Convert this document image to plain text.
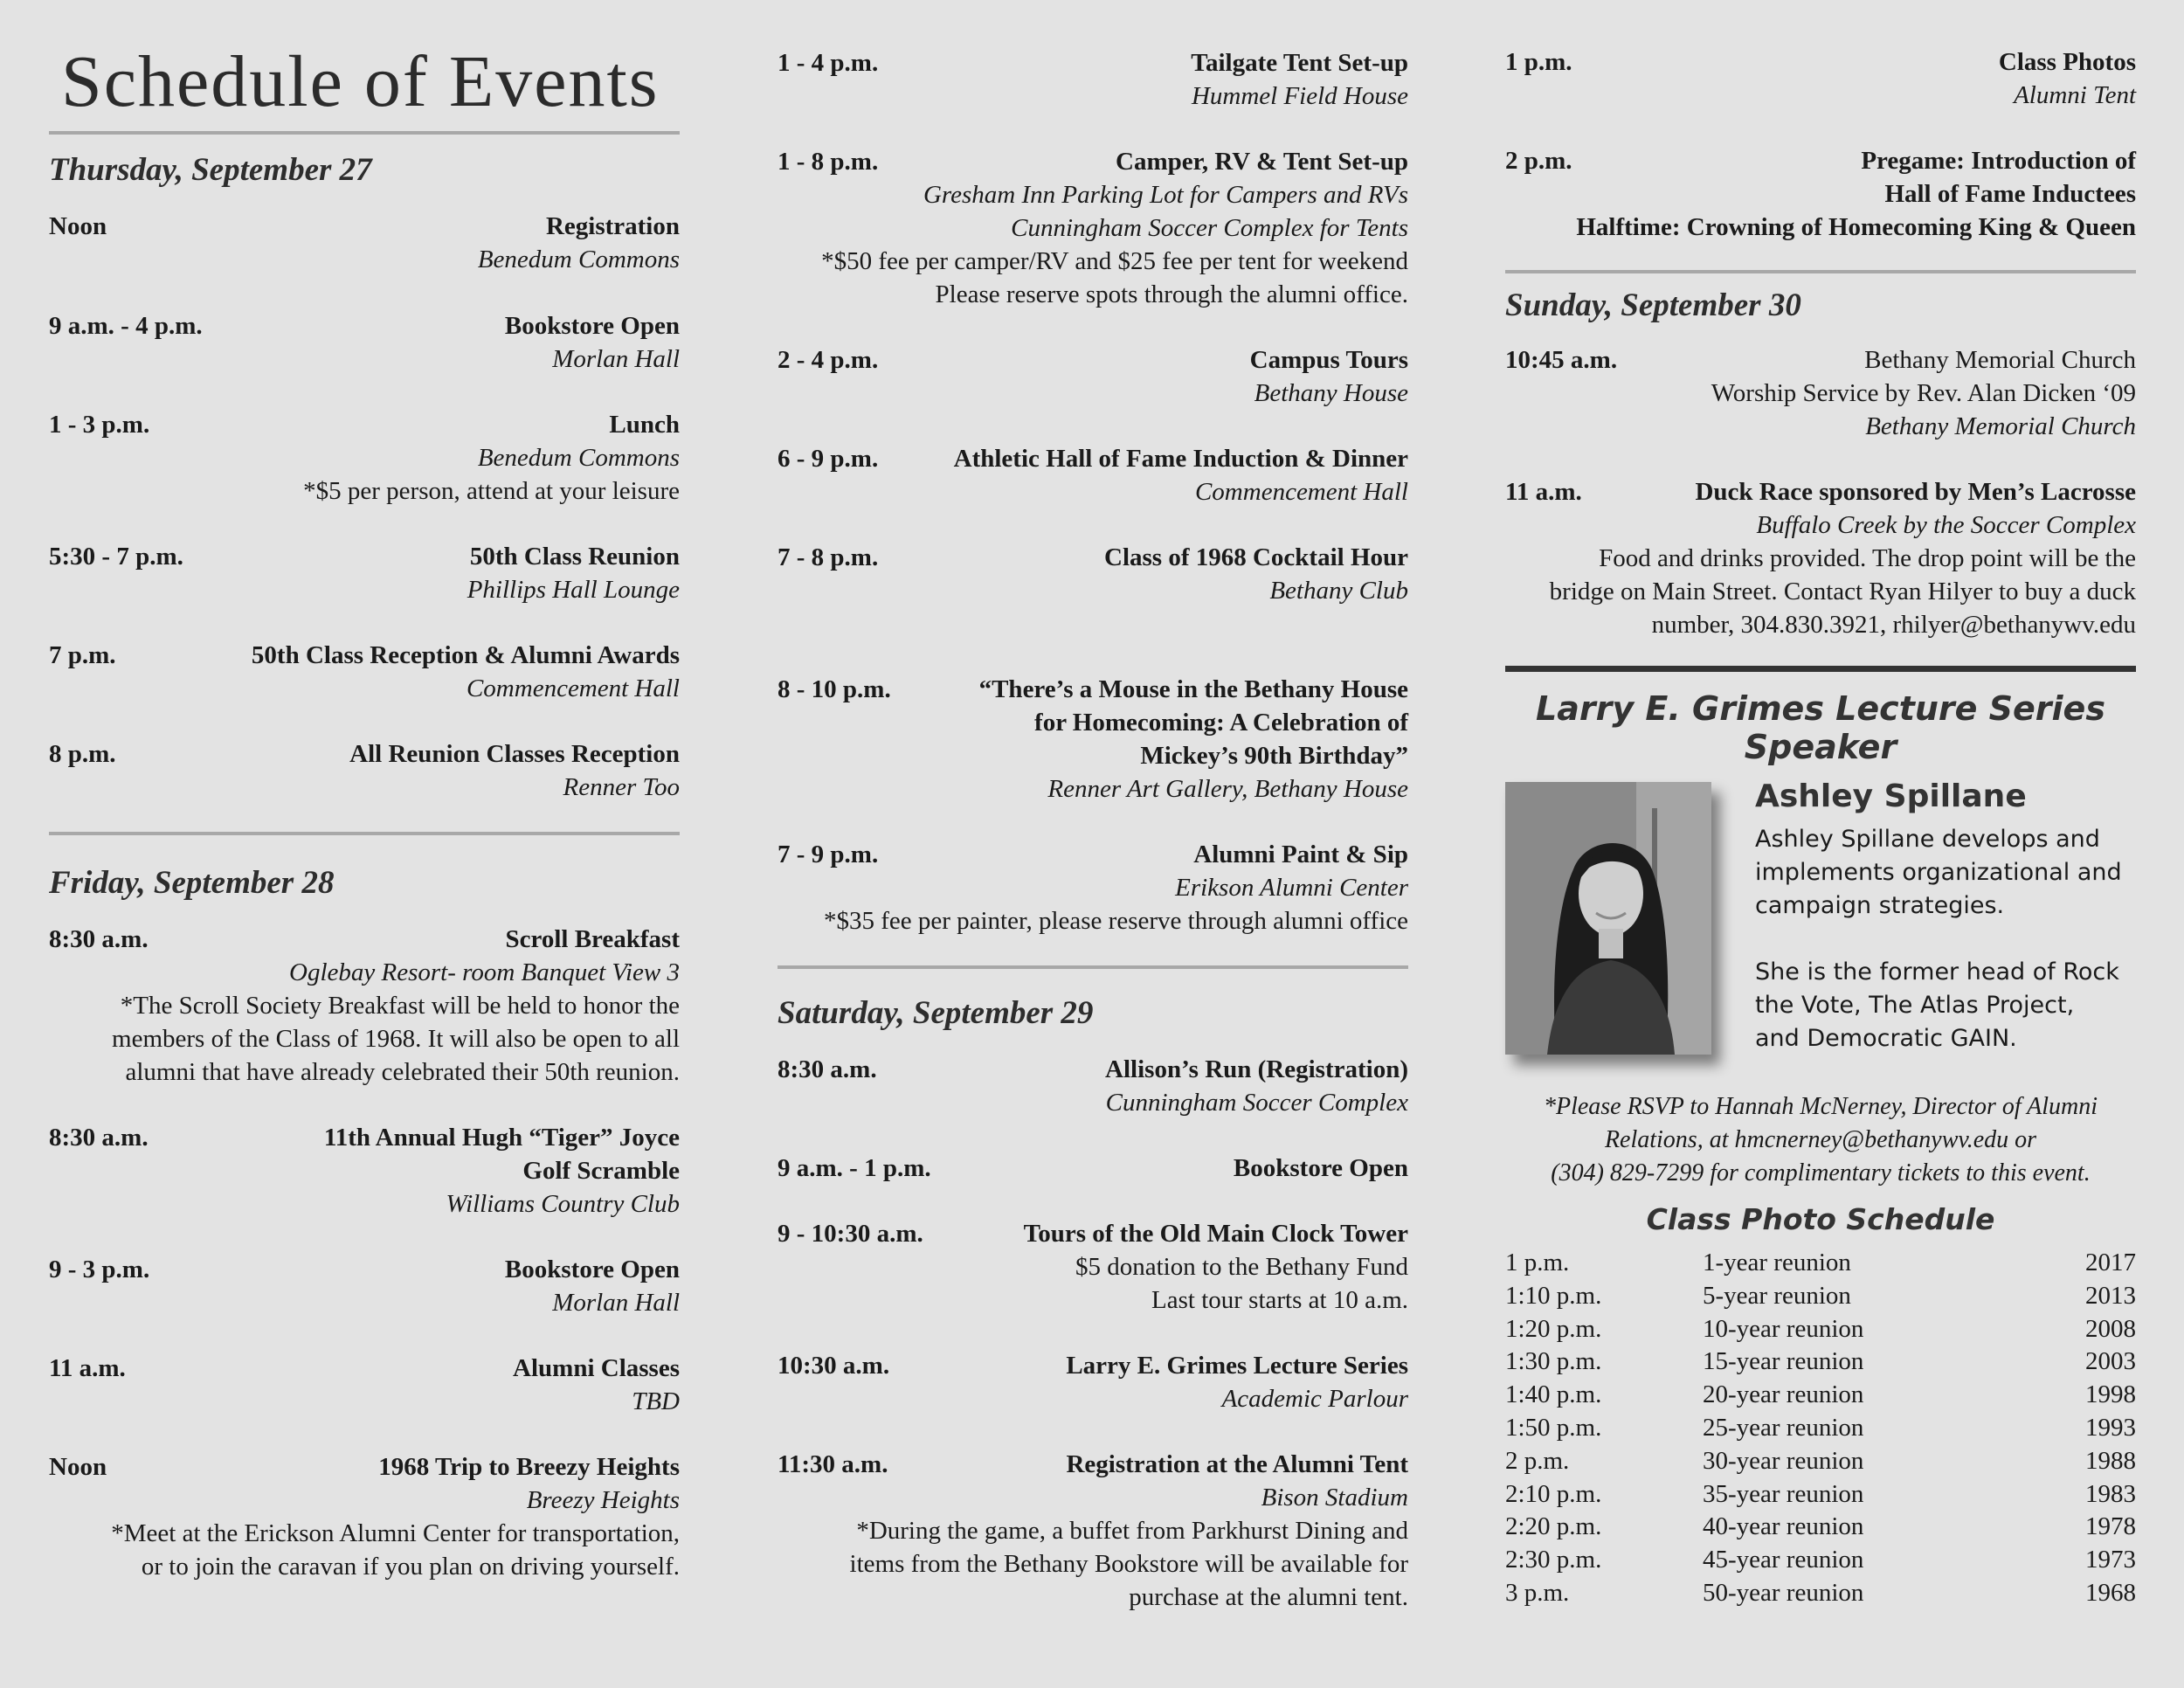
Schedule of Events
Thursday, September 27
Noon	Registration
Benedum Commons
9 a.m. - 4 p.m.	Bookstore Open
Morlan Hall
1 - 3 p.m.	Lunch
Benedum Commons
*$5 per person, attend at your leisure
5:30 - 7 p.m.	50th Class Reunion
Phillips Hall Lounge
7 p.m.	50th Class Reception & Alumni Awards
Commencement Hall
8 p.m.	All Reunion Classes Reception
Renner Too
Friday, September 28
8:30 a.m.	Scroll Breakfast
Oglebay Resort- room Banquet View 3
*The Scroll Society Breakfast will be held to honor the
members of the Class of 1968. It will also be open to all
alumni that have already celebrated their 50th reunion.
8:30 a.m.	11th Annual Hugh “Tiger” Joyce
Golf Scramble
Williams Country Club
9 - 3 p.m.	Bookstore Open
Morlan Hall
11 a.m.	Alumni Classes
TBD
Noon	1968 Trip to Breezy Heights
Breezy Heights
*Meet at the Erickson Alumni Center for transportation,
or to join the caravan if you plan on driving yourself.
1 - 4 p.m.	Tailgate Tent Set-up
Hummel Field House
1 - 8 p.m.	Camper, RV & Tent Set-up
Gresham Inn Parking Lot for Campers and RVs
Cunningham Soccer Complex for Tents
*$50 fee per camper/RV and $25 fee per tent for weekend
Please reserve spots through the alumni office.
2 - 4 p.m.	Campus Tours
Bethany House
6 - 9 p.m.	Athletic Hall of Fame Induction & Dinner
Commencement Hall
7 - 8 p.m.	Class of 1968 Cocktail Hour
Bethany Club
8 - 10 p.m.	“There’s a Mouse in the Bethany House
for Homecoming: A Celebration of
Mickey’s 90th Birthday”
Renner Art Gallery, Bethany House
7 - 9 p.m.	Alumni Paint & Sip
Erikson Alumni Center
*$35 fee per painter, please reserve through alumni office
Saturday, September 29
8:30 a.m.	Allison’s Run (Registration)
Cunningham Soccer Complex
9 a.m. - 1 p.m.	Bookstore Open
9 - 10:30 a.m.	Tours of the Old Main Clock Tower
$5 donation to the Bethany Fund
Last tour starts at 10 a.m.
10:30 a.m.	Larry E. Grimes Lecture Series
Academic Parlour
11:30 a.m.	Registration at the Alumni Tent
Bison Stadium
*During the game, a buffet from Parkhurst Dining and
items from the Bethany Bookstore will be available for
purchase at the alumni tent.
1 p.m.	Class Photos
Alumni Tent
2 p.m.	Pregame: Introduction of
Hall of Fame Inductees
Halftime: Crowning of Homecoming King & Queen
Sunday, September 30
10:45 a.m.	Bethany Memorial Church
Worship Service by Rev. Alan Dicken ‘09
Bethany Memorial Church
11 a.m.	Duck Race sponsored by Men’s Lacrosse
Buffalo Creek by the Soccer Complex
Food and drinks provided. The drop point will be the
bridge on Main Street. Contact Ryan Hilyer to buy a duck
number, 304.830.3921, rhilyer@bethanywv.edu
Larry E. Grimes Lecture Series Speaker
Ashley Spillane
Ashley Spillane develops and
implements organizational and
campaign strategies.
She is the former head of Rock
the Vote, The Atlas Project,
and Democratic GAIN.
*Please RSVP to Hannah McNerney, Director of Alumni
Relations, at hmcnerney@bethanywv.edu or
(304) 829-7299 for complimentary tickets to this event.
Class Photo Schedule
1 p.m.	1-year reunion	2017
1:10 p.m.	5-year reunion	2013
1:20 p.m.	10-year reunion	2008
1:30 p.m.	15-year reunion	2003
1:40 p.m.	20-year reunion	1998
1:50 p.m.	25-year reunion	1993
2 p.m.	30-year reunion	1988
2:10 p.m.	35-year reunion	1983
2:20 p.m.	40-year reunion	1978
2:30 p.m.	45-year reunion	1973
3 p.m.	50-year reunion	1968
